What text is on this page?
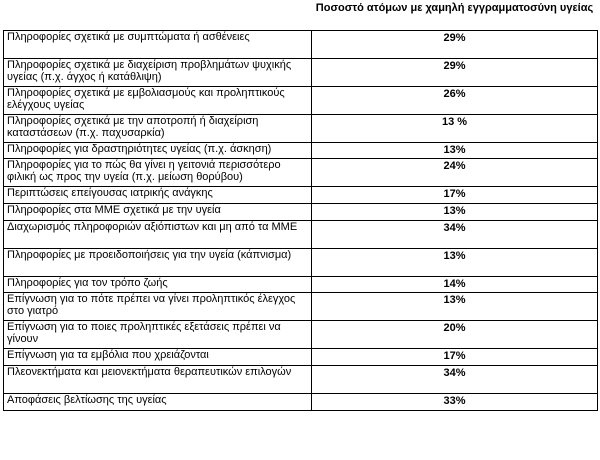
	Ποσοστό ατόμων με χαμηλή εγγραμματοσύνη υγείας
Πληροφορίες σχετικά με συμπτώματα ή ασθένειες	29%
Πληροφορίες σχετικά με διαχείριση προβλημάτων ψυχικής υγείας (π.χ. άγχος ή κατάθλιψη)	29%
Πληροφορίες σχετικά με εμβολιασμούς και προληπτικούς ελέγχους υγείας	26%
Πληροφορίες σχετικά με την αποτροπή ή διαχείριση καταστάσεων (π.χ. παχυσαρκία)	13 %
Πληροφορίες για δραστηριότητες υγείας (π.χ. άσκηση)	13%
Πληροφορίες για το πώς θα γίνει η γειτονιά περισσότερο φιλική ως προς την υγεία (π.χ. μείωση θορύβου)	24%
Περιπτώσεις επείγουσας ιατρικής ανάγκης	17%
Πληροφορίες στα ΜΜΕ σχετικά με την υγεία	13%
Διαχωρισμός πληροφοριών αξιόπιστων και μη από τα ΜΜΕ	34%
Πληροφορίες με προειδοποιήσεις για την υγεία (κάπνισμα)	13%
Πληροφορίες για τον τρόπο ζωής	14%
Επίγνωση για το πότε πρέπει να γίνει προληπτικός έλεγχος στο γιατρό	13%
Επίγνωση για το ποιες προληπτικές εξετάσεις πρέπει να γίνουν	20%
Επίγνωση για τα εμβόλια που χρειάζονται	17%
Πλεονεκτήματα και μειονεκτήματα θεραπευτικών επιλογών	34%
Αποφάσεις βελτίωσης της υγείας	33%
